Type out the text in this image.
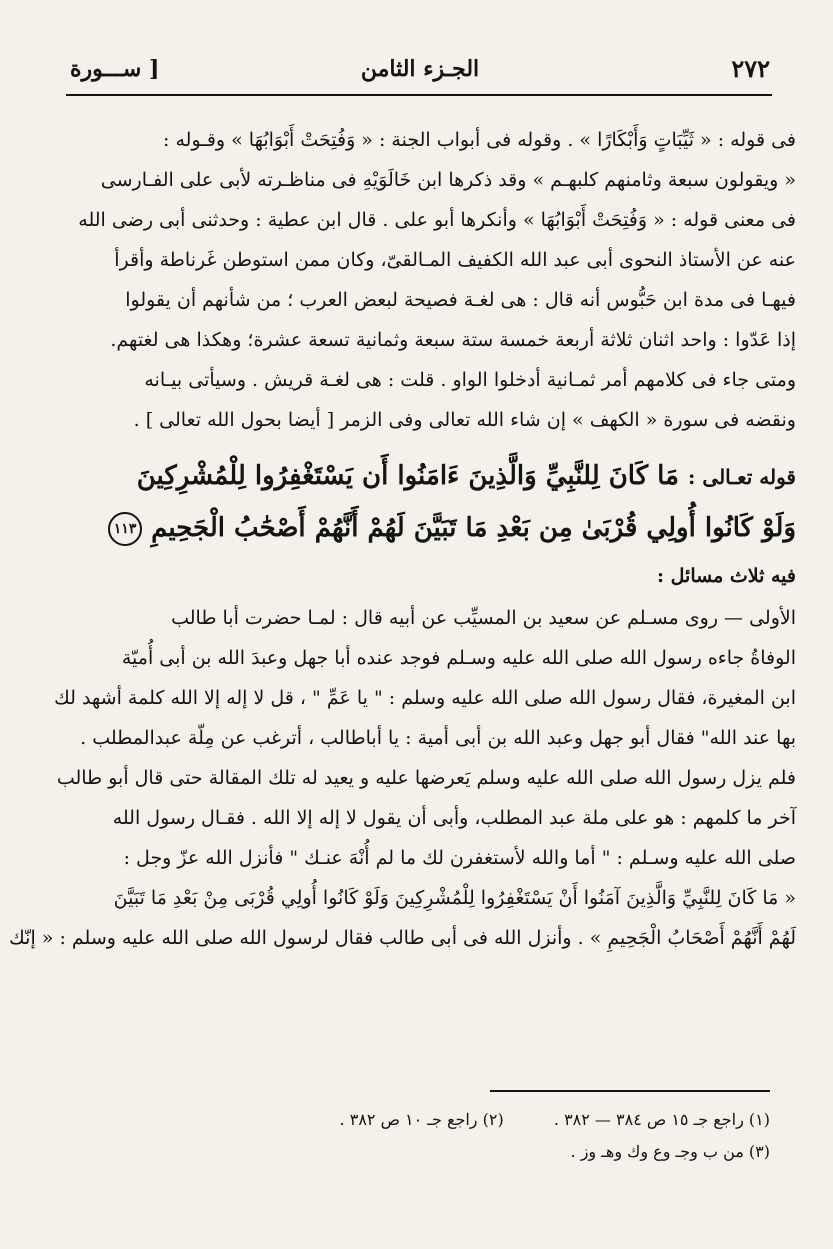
٢٧٢
الجـزء الثامن
[ ســـورة
فى قوله : « ثَيِّبَاتٍ وَأَبْكَارًا » . وقوله فى أبواب الجنة : « وَفُتِحَتْ أَبْوَابُهَا » وقـوله :
« ويقولون سبعة وثامنهم كلبهـم » وقد ذكرها ابن خَالَوَيْهِ فى مناظـرته لأبى على الفـارسى
فى معنى قوله : « وَفُتِحَتْ أَبْوَابُهَا » وأنكرها أبو على . قال ابن عطية : وحدثنى أبى رضى الله
عنه عن الأستاذ النحوى أبى عبد الله الكفيف المـالقىّ، وكان ممن استوطن غَرناطة وأقرأ
فيهـا فى مدة ابن حَبُّوس أنه قال : هى لغـة فصيحة لبعض العرب ؛ من شأنهم أن يقولوا
إذا عَدّوا : واحد اثنان ثلاثة أربعة خمسة ستة سبعة وثمانية تسعة عشرة؛ وهكذا هى لغتهم.
ومتى جاء فى كلامهم أمر ثمـانية أدخلوا الواو . قلت : هى لغـة قريش . وسيأتى بيـانه
ونقضه فى سورة « الكهف » إن شاء الله تعالى وفى الزمر [ أيضا بحول الله تعالى ] .
قوله تعـالى : مَا كَانَ لِلنَّبِيِّ وَالَّذِينَ ءَامَنُوا أَن يَسْتَغْفِرُوا لِلْمُشْرِكِينَ
وَلَوْ كَانُوا أُولِي قُرْبَىٰ مِن بَعْدِ مَا تَبَيَّنَ لَهُمْ أَنَّهُمْ أَصْحَٰبُ الْجَحِيمِ ١١٣
فيه ثلاث مسائل :
الأولى — روى مسـلم عن سعيد بن المسيِّب عن أبيه قال : لمـا حضرت أبا طالب
الوفاةُ جاءه رسول الله صلى الله عليه وسـلم فوجد عنده أبا جهل وعبدَ الله بن أبى أُميّة
ابن المغيرة، فقال رسول الله صلى الله عليه وسلم : " يا عَمِّ " ، قل لا إله إلا الله كلمة أشهد لك
بها عند الله" فقال أبو جهل وعبد الله بن أبى أمية : يا أباطالب ، أترغب عن مِلّة عبدالمطلب .
فلم يزل رسول الله صلى الله عليه وسلم يَعرضها عليه و يعيد له تلك المقالة حتى قال أبو طالب
آخر ما كلمهم : هو على ملة عبد المطلب، وأبى أن يقول لا إله إلا الله . فقـال رسول الله
صلى الله عليه وسـلم : " أما والله لأستغفرن لك ما لم أُنْهَ عنـك " فأنزل الله عزّ وجل :
« مَا كَانَ لِلنَّبِيِّ وَالَّذِينَ آمَنُوا أَنْ يَسْتَغْفِرُوا لِلْمُشْرِكِينَ وَلَوْ كَانُوا أُولِي قُرْبَى مِنْ بَعْدِ مَا تَبَيَّنَ
لَهُمْ أَنَّهُمْ أَصْحَابُ الْجَحِيمِ » . وأنزل الله فى أبى طالب فقال لرسول الله صلى الله عليه وسلم : « إنّك
(١) راجع جـ ١٥ ص ٣٨٤ — ٣٨٢ .  (٢) راجع جـ ١٠ ص ٣٨٢ .
(٣) من ب وجـ وع وك وهـ وز .
